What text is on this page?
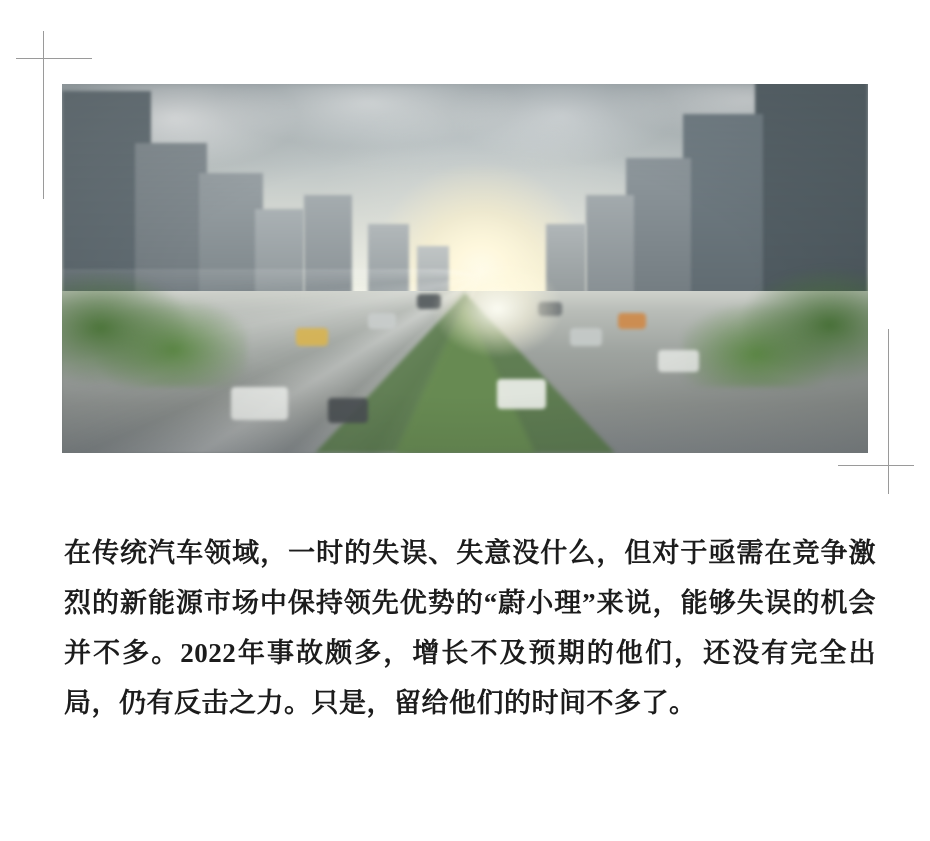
在传统汽车领域，一时的失误、失意没什么，但对于亟需在竞争激烈的新能源市场中保持领先优势的“蔚小理”来说，能够失误的机会并不多。2022年事故颇多，增长不及预期的他们，还没有完全出局，仍有反击之力。只是，留给他们的时间不多了。
